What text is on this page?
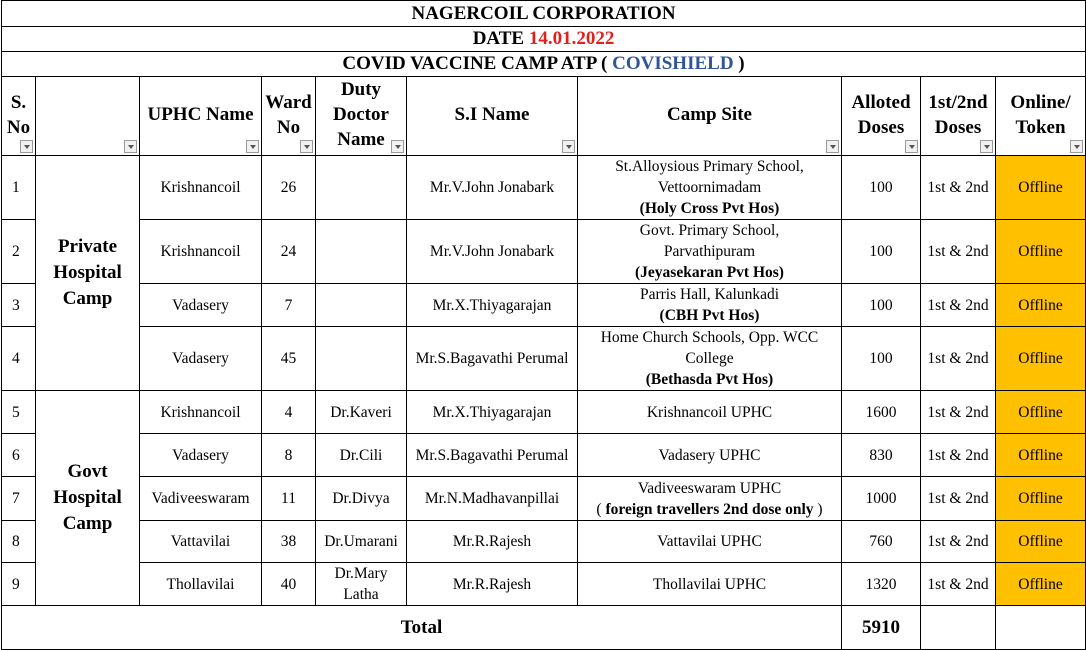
NAGERCOIL CORPORATION									
DATE 14.01.2022									
COVID VACCINE CAMP ATP ( COVISHIELD )									
S. No		UPHC Name	Ward No	Duty Doctor Name	S.I Name	Camp Site	Alloted Doses	1st/2nd Doses	Online/ Token

1	Private Hospital Camp	Krishnancoil	26		Mr.V.John Jonabark	St.Alloysious Primary School,
Vettoornimadam
(Holy Cross Pvt Hos)	100	1st & 2nd	Offline
2		Krishnancoil	24		Mr.V.John Jonabark	Govt. Primary School,
Parvathipuram
(Jeyasekaran Pvt Hos)	100	1st & 2nd	Offline
3		Vadasery	7		Mr.X.Thiyagarajan	Parris Hall, Kalunkadi
(CBH Pvt Hos)	100	1st & 2nd	Offline
4		Vadasery	45		Mr.S.Bagavathi Perumal	Home Church Schools, Opp. WCC
College
(Bethasda Pvt Hos)	100	1st & 2nd	Offline
5	Govt Hospital Camp	Krishnancoil	4	Dr.Kaveri	Mr.X.Thiyagarajan	Krishnancoil UPHC	1600	1st & 2nd	Offline
6		Vadasery	8	Dr.Cili	Mr.S.Bagavathi Perumal	Vadasery UPHC	830	1st & 2nd	Offline
7		Vadiveeswaram	11	Dr.Divya	Mr.N.Madhavanpillai	Vadiveeswaram UPHC
( foreign travellers 2nd dose only )	1000	1st & 2nd	Offline
8		Vattavilai	38	Dr.Umarani	Mr.R.Rajesh	Vattavilai UPHC	760	1st & 2nd	Offline
9		Thollavilai	40	Dr.Mary Latha	Mr.R.Rajesh	Thollavilai UPHC	1320	1st & 2nd	Offline
Total							5910		
